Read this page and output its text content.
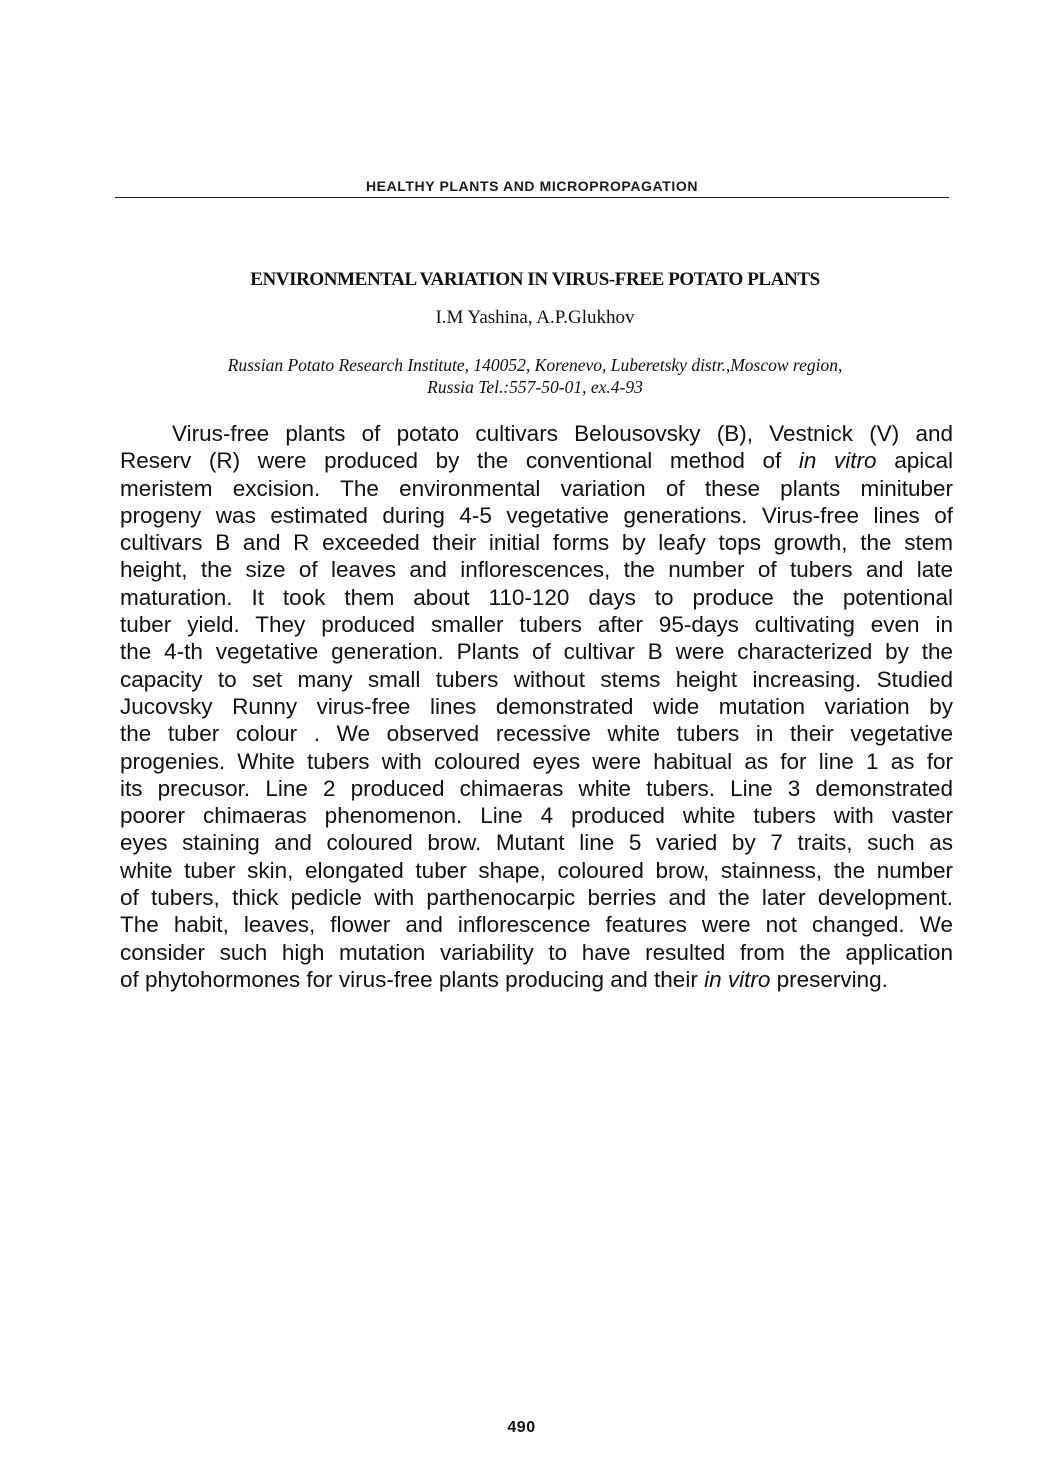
HEALTHY PLANTS AND MICROPROPAGATION
ENVIRONMENTAL VARIATION IN VIRUS-FREE POTATO PLANTS
I.M Yashina, A.P.Glukhov
Russian Potato Research Institute, 140052, Korenevo, Luberetsky distr.,Moscow region,
Russia Tel.:557-50-01, ex.4-93
Virus-free plants of potato cultivars Belousovsky (B), Vestnick (V) and
Reserv (R) were produced by the conventional method of in vitro apical
meristem excision. The environmental variation of these plants minituber
progeny was estimated during 4-5 vegetative generations. Virus-free lines of
cultivars B and R exceeded their initial forms by leafy tops growth, the stem
height, the size of leaves and inflorescences, the number of tubers and late
maturation. It took them about 110-120 days to produce the potentional
tuber yield. They produced smaller tubers after 95-days cultivating even in
the 4-th vegetative generation. Plants of cultivar B were characterized by the
capacity to set many small tubers without stems height increasing. Studied
Jucovsky Runny virus-free lines demonstrated wide mutation variation by
the tuber colour . We observed recessive white tubers in their vegetative
progenies. White tubers with coloured eyes were habitual as for line 1 as for
its precusor. Line 2 produced chimaeras white tubers. Line 3 demonstrated
poorer chimaeras phenomenon. Line 4 produced white tubers with vaster
eyes staining and coloured brow. Mutant line 5 varied by 7 traits, such as
white tuber skin, elongated tuber shape, coloured brow, stainness, the number
of tubers, thick pedicle with parthenocarpic berries and the later development.
The habit, leaves, flower and inflorescence features were not changed. We
consider such high mutation variability to have resulted from the application
of phytohormones for virus-free plants producing and their in vitro preserving.
490
